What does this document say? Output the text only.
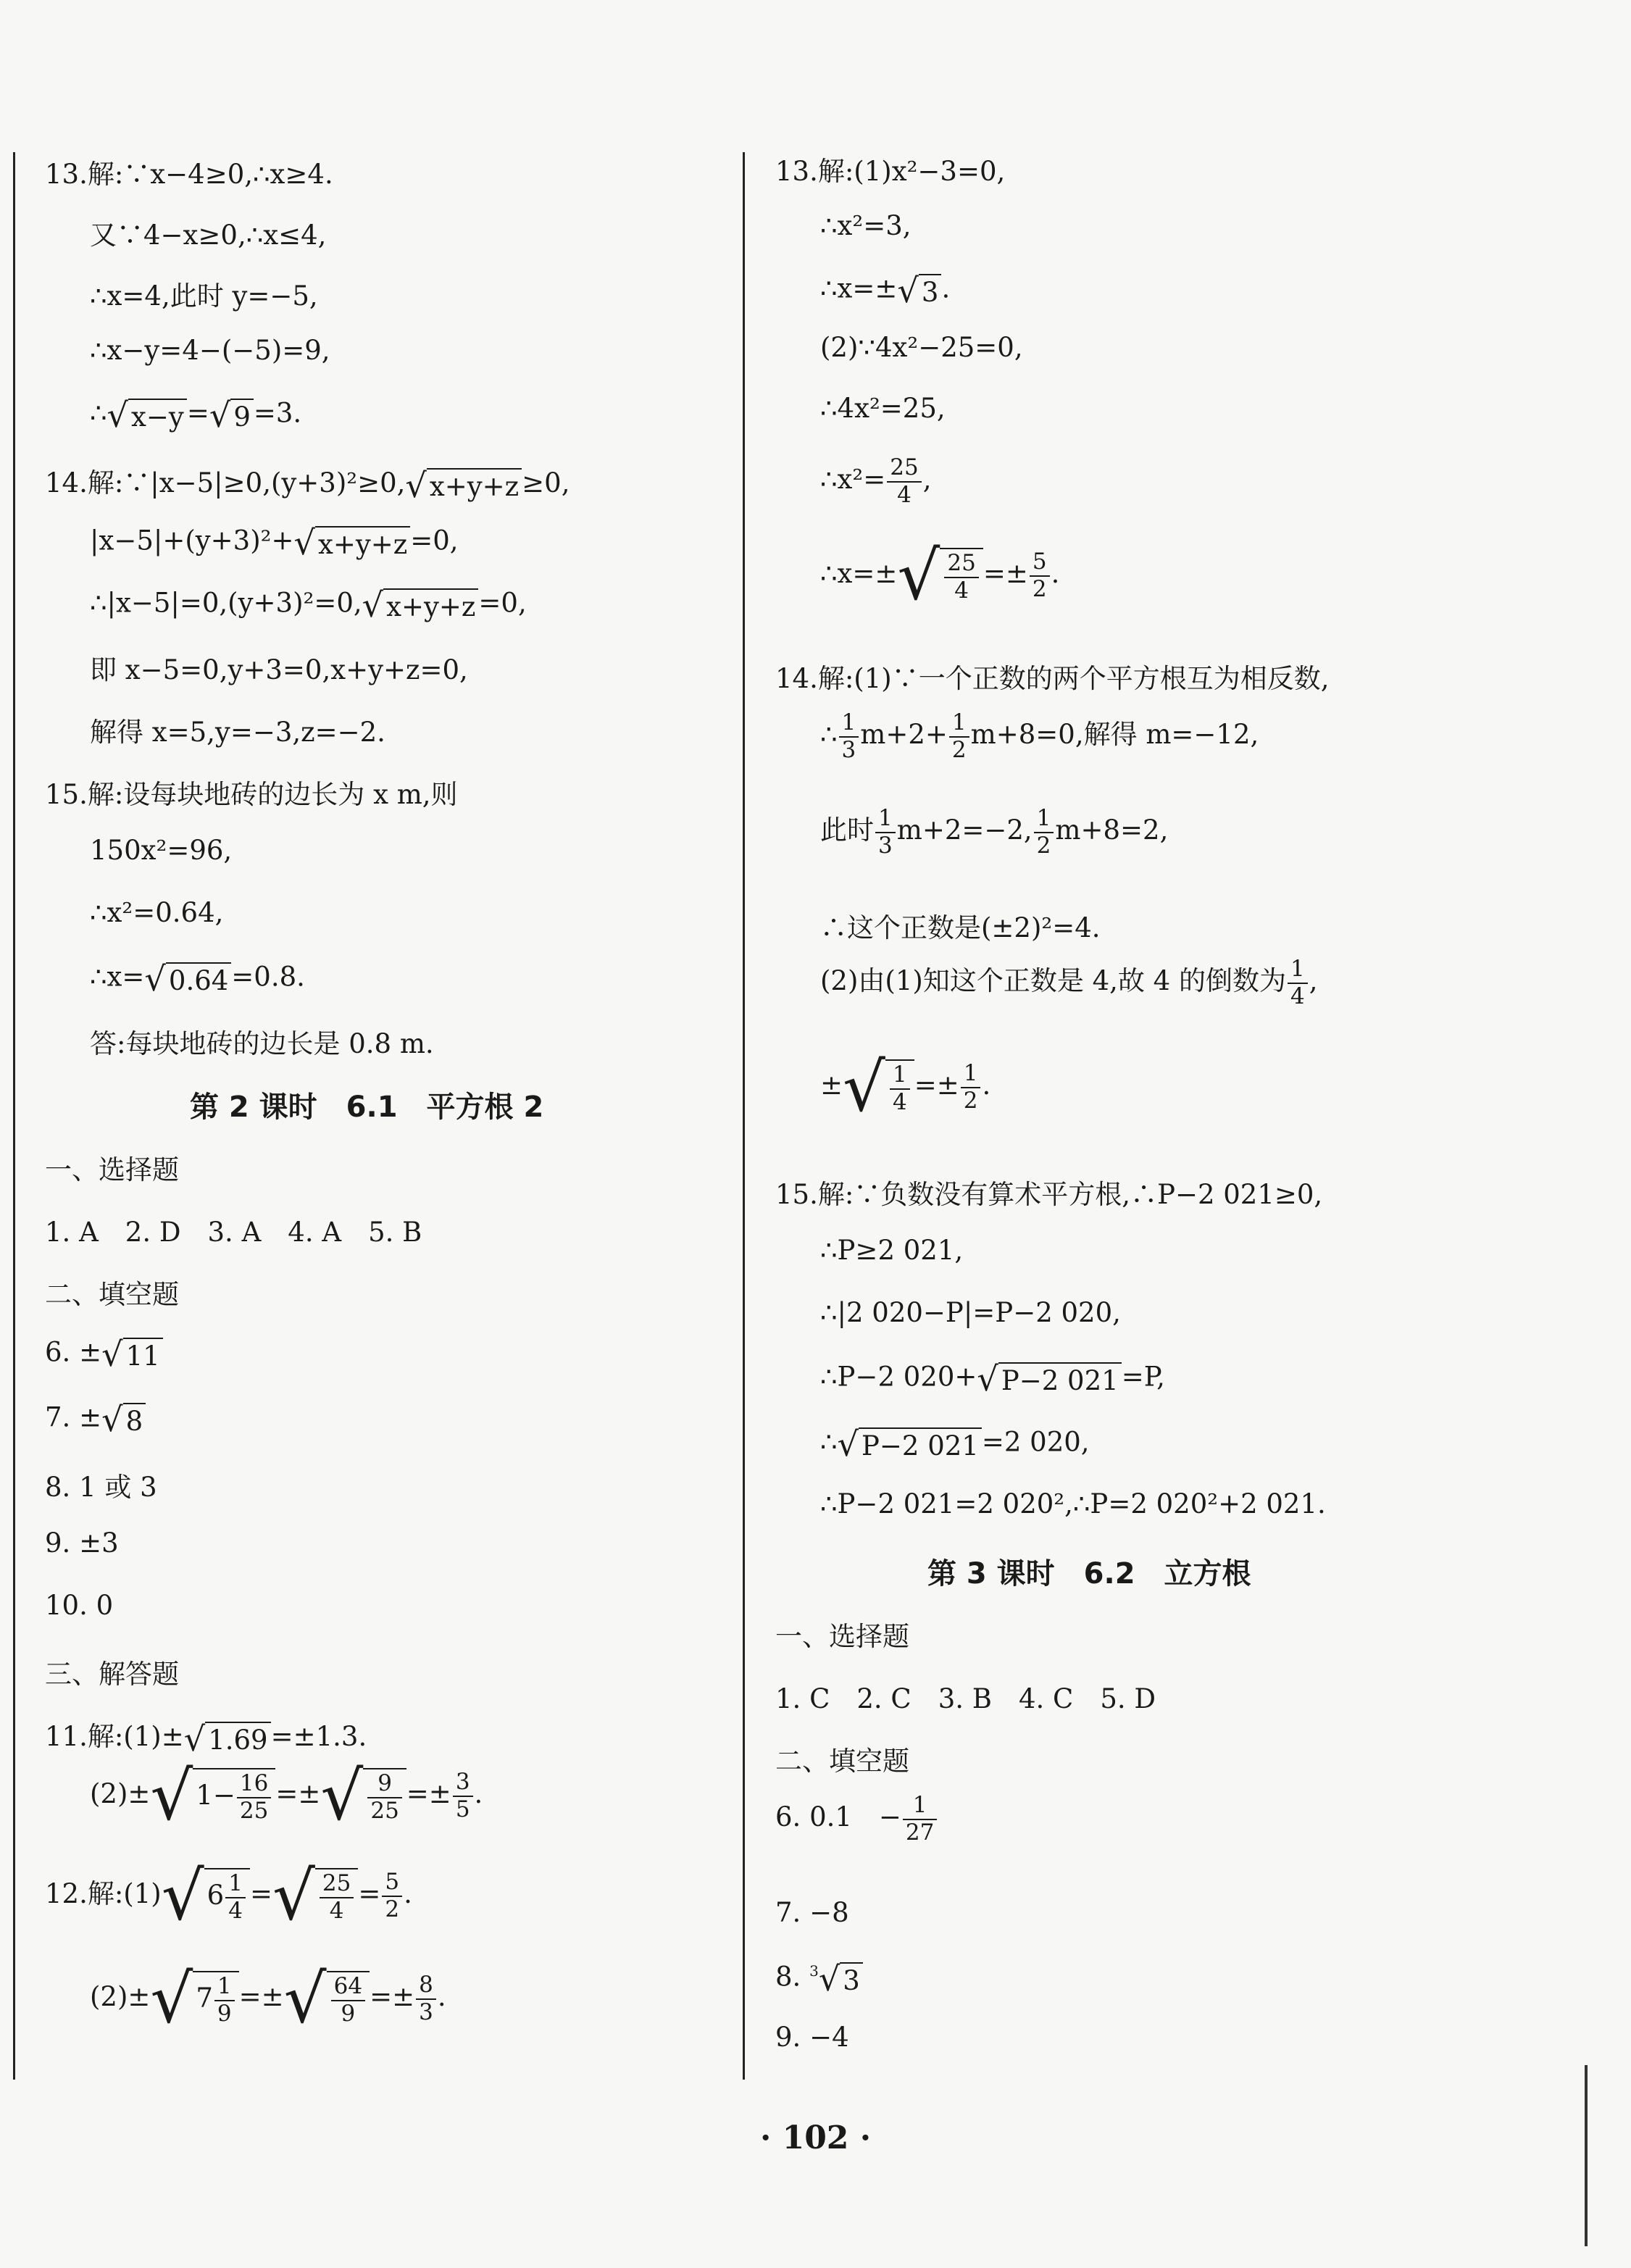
13.解:∵x−4≥0,∴x≥4.
又∵4−x≥0,∴x≤4,
∴x=4,此时 y=−5,
∴x−y=4−(−5)=9,
∴√ x−y =√ 9 =3.
14.解:∵|x−5|≥0,(y+3)²≥0,√ x+y+z ≥0,
|x−5|+(y+3)²+√ x+y+z =0,
∴|x−5|=0,(y+3)²=0,√ x+y+z =0,
即 x−5=0,y+3=0,x+y+z=0,
解得 x=5,y=−3,z=−2.
15.解:设每块地砖的边长为 x m,则
150x²=96,
∴x²=0.64,
∴x=√ 0.64 =0.8.
答:每块地砖的边长是 0.8 m.
第 2 课时　6.1　平方根 2
一、选择题
1. A　2. D　3. A　4. A　5. B
二、填空题
6. ±√ 11
7. ±√ 8
8. 1 或 3
9. ±3
10. 0
三、解答题
11.解:(1)±√ 1.69 =±1.3.
(2)±√ $1- \frac{16}{25}$ =±√ $\frac{9}{25} =\pm \frac{3}{5}$ .
12.解:(1)√ $6 \frac{1}{4}$ =√ $\frac{25}{4} = \frac{5}{2}$ .
(2)±√ $7 \frac{1}{9}$ =±√ $\frac{64}{9} =\pm \frac{8}{3}$ .
13.解:(1)x²−3=0,
∴x²=3,
∴x=±√ 3 .
(2)∵4x²−25=0,
∴4x²=25,
∴x²= $\frac{25}{4}$ ,
∴x=±√ $\frac{25}{4} =\pm \frac{5}{2}$ .
14.解:(1)∵一个正数的两个平方根互为相反数,
∴ $\frac{1}{3} m+2+ \frac{1}{2} m+8=0$,解得 m=−12,
此时 $\frac{1}{3} m+2=-2$, $\frac{1}{2} m+8=2$,
∴这个正数是(±2)²=4.
(2)由(1)知这个正数是 4,故 4 的倒数为 $\frac{1}{4}$ ,
±√ $\frac{1}{4} =\pm \frac{1}{2}$ .
15.解:∵负数没有算术平方根,∴P−2 021≥0,
∴P≥2 021,
∴|2 020−P|=P−2 020,
∴P−2 020+√ P−2 021 =P,
∴√ P−2 021 =2 020,
∴P−2 021=2 020²,∴P=2 020²+2 021.
第 3 课时　6.2　立方根
一、选择题
1. C　2. C　3. B　4. C　5. D
二、填空题
6. 0.1　− $\frac{1}{27}$
7. −8
8. $^3$√ 3
9. −4
· 102 ·
